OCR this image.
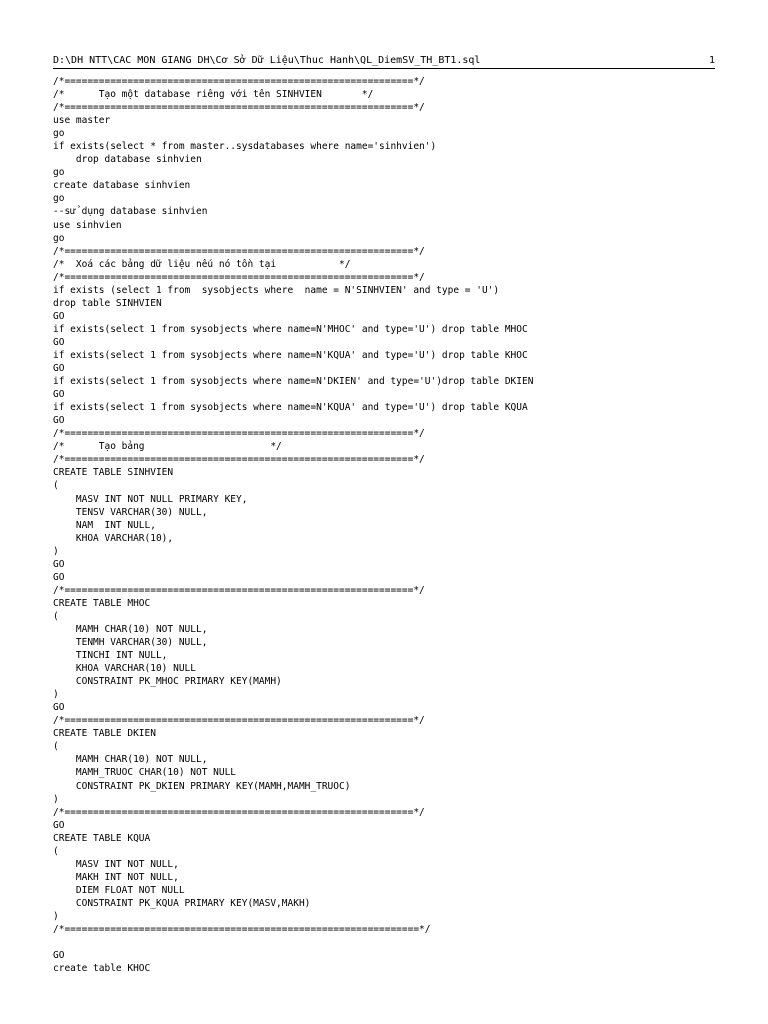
D:\DH NTT\CAC MON GIANG DH\Cơ Sở Dữ Liệu\Thuc Hanh\QL_DiemSV_TH_BT1.sql	1
/*=============================================================*/
/*      Tạo một database riêng với tên SINHVIEN       */
/*=============================================================*/
use master
go
if exists(select * from master..sysdatabases where name='sinhvien')
drop database sinhvien
go
create database sinhvien
go
--sử dụng database sinhvien
use sinhvien
go
/*=============================================================*/
/*  Xoá các bảng dữ liệu nếu nó tồn tại           */
/*=============================================================*/
if exists (select 1 from  sysobjects where  name = N'SINHVIEN' and type = 'U')
drop table SINHVIEN
GO
if exists(select 1 from sysobjects where name=N'MHOC' and type='U') drop table MHOC
GO
if exists(select 1 from sysobjects where name=N'KQUA' and type='U') drop table KHOC
GO
if exists(select 1 from sysobjects where name=N'DKIEN' and type='U')drop table DKIEN
GO
if exists(select 1 from sysobjects where name=N'KQUA' and type='U') drop table KQUA
GO
/*=============================================================*/
/*      Tạo bảng                      */
/*=============================================================*/
CREATE TABLE SINHVIEN
(
MASV INT NOT NULL PRIMARY KEY,
TENSV VARCHAR(30) NULL,
NAM  INT NULL,
KHOA VARCHAR(10),
)
GO
GO
/*=============================================================*/
CREATE TABLE MHOC
(
MAMH CHAR(10) NOT NULL,
TENMH VARCHAR(30) NULL,
TINCHI INT NULL,
KHOA VARCHAR(10) NULL
CONSTRAINT PK_MHOC PRIMARY KEY(MAMH)
)
GO
/*=============================================================*/
CREATE TABLE DKIEN
(
MAMH CHAR(10) NOT NULL,
MAMH_TRUOC CHAR(10) NOT NULL
CONSTRAINT PK_DKIEN PRIMARY KEY(MAMH,MAMH_TRUOC)
)
/*=============================================================*/
GO
CREATE TABLE KQUA
(
MASV INT NOT NULL,
MAKH INT NOT NULL,
DIEM FLOAT NOT NULL
CONSTRAINT PK_KQUA PRIMARY KEY(MASV,MAKH)
)
/*==============================================================*/
GO
create table KHOC
